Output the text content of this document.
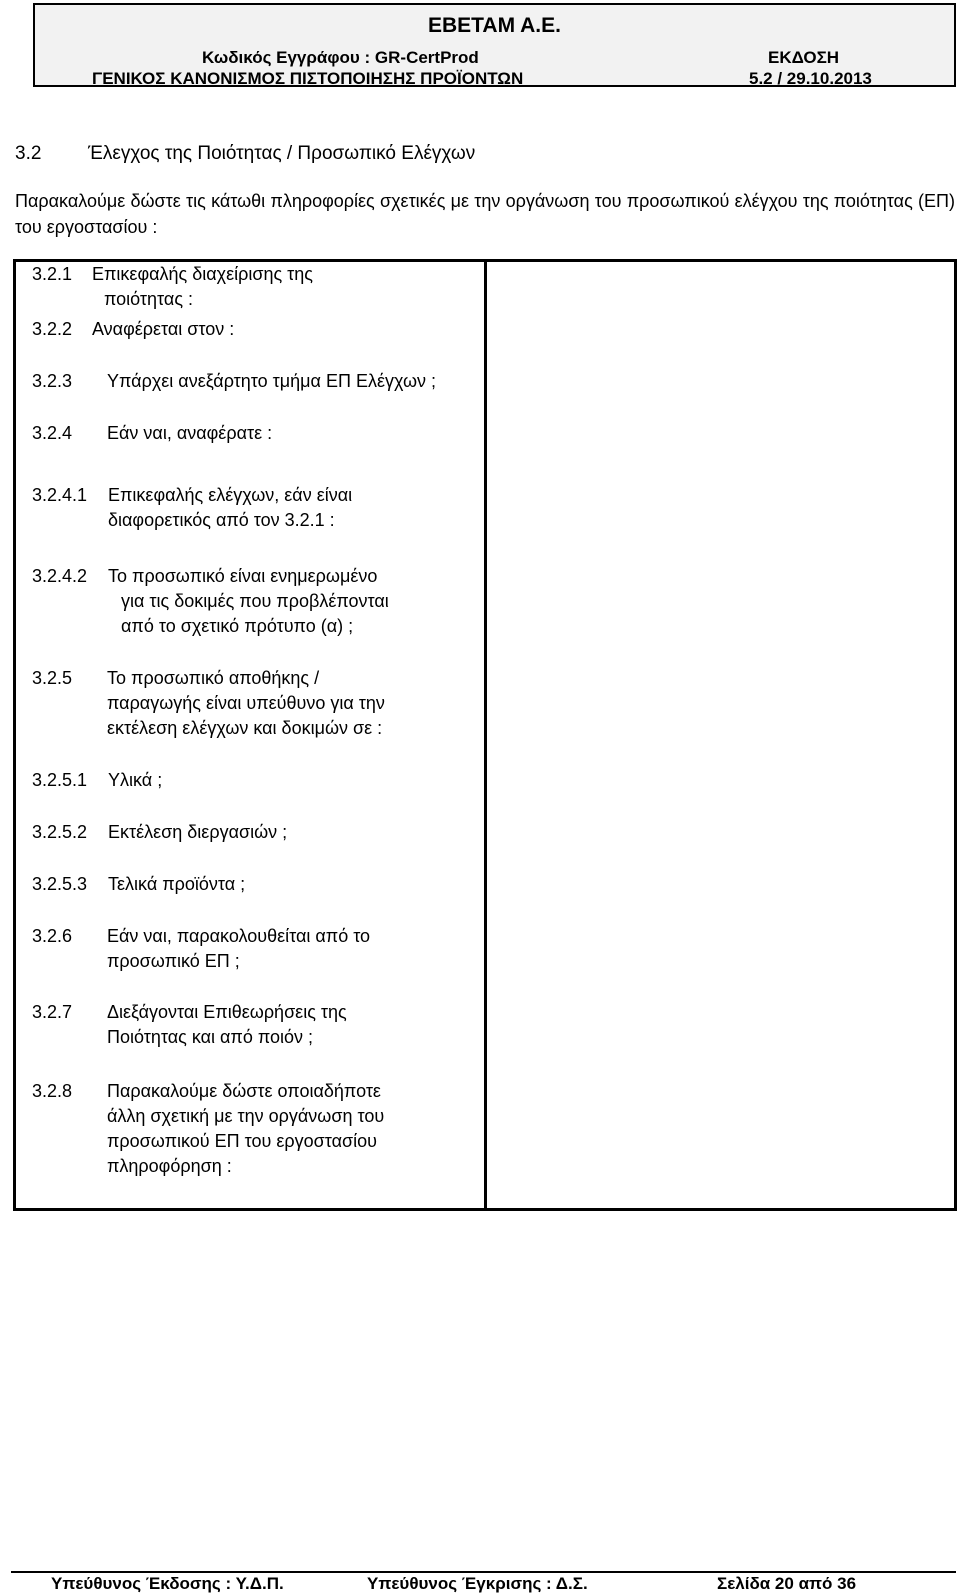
ΕΒΕΤΑΜ Α.Ε.
Κωδικός Εγγράφου : GR-CertProd
ΓΕΝΙΚΟΣ ΚΑΝΟΝΙΣΜΟΣ ΠΙΣΤΟΠΟΙΗΣΗΣ ΠΡΟΪΟΝΤΩΝ
ΕΚΔΟΣΗ
5.2 / 29.10.2013
3.2 Έλεγχος της Ποιότητας / Προσωπικό Ελέγχων
Παρακαλούμε δώστε τις κάτωθι πληροφορίες σχετικές με την οργάνωση του προσωπικού ελέγχου της ποιότητας (ΕΠ) του εργοστασίου :
3.2.1	Επικεφαλής διαχείρισης της
ποιότητας :
3.2.2	Αναφέρεται στον :
3.2.3	Υπάρχει ανεξάρτητο τμήμα ΕΠ Ελέγχων ;
3.2.4	Εάν ναι, αναφέρατε :
3.2.4.1	Επικεφαλής ελέγχων, εάν είναι
διαφορετικός από τον 3.2.1 :
3.2.4.2	Το προσωπικό είναι ενημερωμένο
για τις δοκιμές που προβλέπονται
από το σχετικό πρότυπο (α) ;
3.2.5	Το προσωπικό αποθήκης /
παραγωγής είναι υπεύθυνο για την
εκτέλεση ελέγχων και δοκιμών σε :
3.2.5.1	Υλικά ;
3.2.5.2	Εκτέλεση διεργασιών ;
3.2.5.3	Τελικά προϊόντα ;
3.2.6	Εάν ναι, παρακολουθείται από το
προσωπικό ΕΠ ;
3.2.7	Διεξάγονται Επιθεωρήσεις της
Ποιότητας και από ποιόν ;
3.2.8	Παρακαλούμε δώστε οποιαδήποτε
άλλη σχετική με την οργάνωση του
προσωπικού ΕΠ του εργοστασίου
πληροφόρηση :
Υπεύθυνος Έκδοσης : Υ.Δ.Π.	Υπεύθυνος Έγκρισης : Δ.Σ.	Σελίδα 20 από 36
